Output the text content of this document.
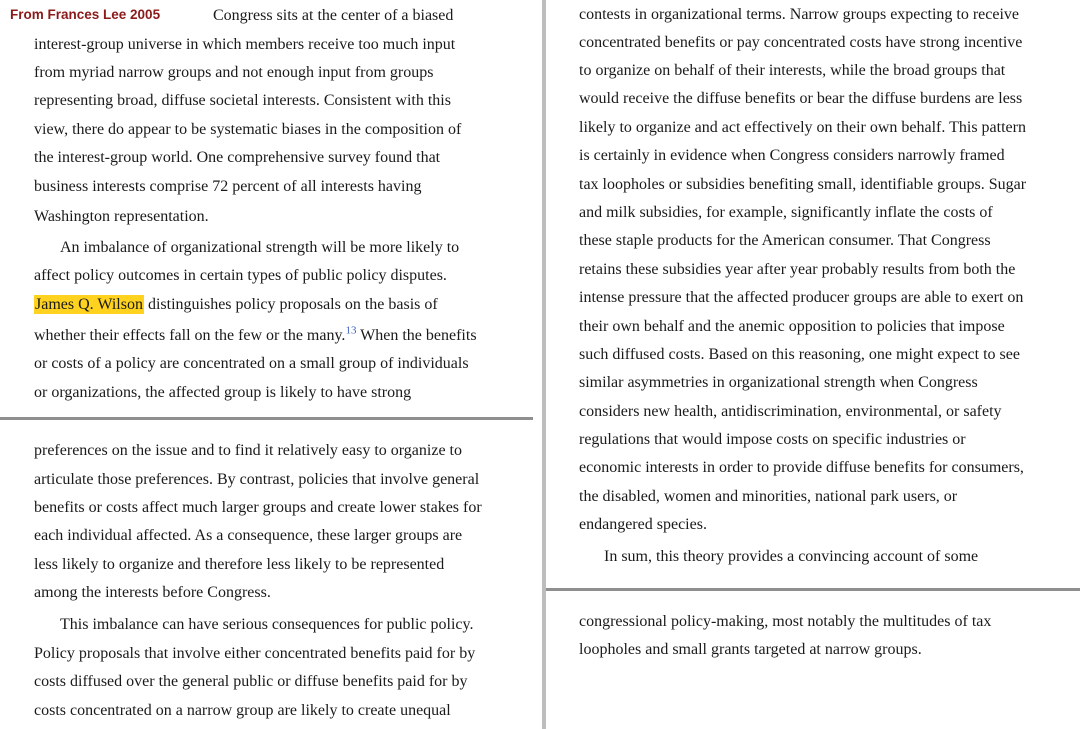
From Frances Lee 2005	Congress sits at the center of a biased
interest-group universe in which members receive too much input
from myriad narrow groups and not enough input from groups
representing broad, diffuse societal interests. Consistent with this
view, there do appear to be systematic biases in the composition of
the interest-group world. One comprehensive survey found that
business interests comprise 72 percent of all interests having
Washington representation.
An imbalance of organizational strength will be more likely to
affect policy outcomes in certain types of public policy disputes.
James Q. Wilson distinguishes policy proposals on the basis of
whether their effects fall on the few or the many.$^{13}$ When the benefits
or costs of a policy are concentrated on a small group of individuals
or organizations, the affected group is likely to have strong
preferences on the issue and to find it relatively easy to organize to
articulate those preferences. By contrast, policies that involve general
benefits or costs affect much larger groups and create lower stakes for
each individual affected. As a consequence, these larger groups are
less likely to organize and therefore less likely to be represented
among the interests before Congress.
This imbalance can have serious consequences for public policy.
Policy proposals that involve either concentrated benefits paid for by
costs diffused over the general public or diffuse benefits paid for by
costs concentrated on a narrow group are likely to create unequal
contests in organizational terms. Narrow groups expecting to receive
concentrated benefits or pay concentrated costs have strong incentive
to organize on behalf of their interests, while the broad groups that
would receive the diffuse benefits or bear the diffuse burdens are less
likely to organize and act effectively on their own behalf. This pattern
is certainly in evidence when Congress considers narrowly framed
tax loopholes or subsidies benefiting small, identifiable groups. Sugar
and milk subsidies, for example, significantly inflate the costs of
these staple products for the American consumer. That Congress
retains these subsidies year after year probably results from both the
intense pressure that the affected producer groups are able to exert on
their own behalf and the anemic opposition to policies that impose
such diffused costs. Based on this reasoning, one might expect to see
similar asymmetries in organizational strength when Congress
considers new health, antidiscrimination, environmental, or safety
regulations that would impose costs on specific industries or
economic interests in order to provide diffuse benefits for consumers,
the disabled, women and minorities, national park users, or
endangered species.
In sum, this theory provides a convincing account of some
congressional policy-making, most notably the multitudes of tax
loopholes and small grants targeted at narrow groups.
